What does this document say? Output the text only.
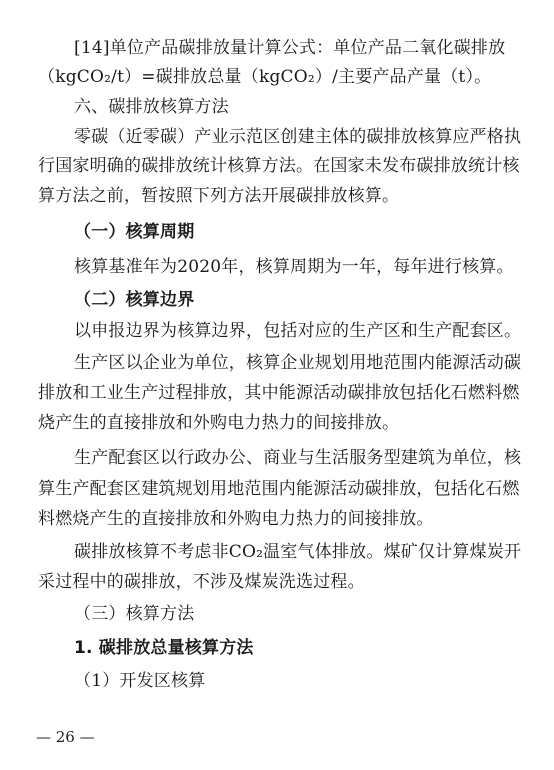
[14]单位产品碳排放量计算公式：单位产品二氧化碳排放
（kgCO₂/t）=碳排放总量（kgCO₂）/主要产品产量（t）。
六、碳排放核算方法
零碳（近零碳）产业示范区创建主体的碳排放核算应严格执
行国家明确的碳排放统计核算方法。在国家未发布碳排放统计核
算方法之前，暂按照下列方法开展碳排放核算。
（一）核算周期
核算基准年为2020年，核算周期为一年，每年进行核算。
（二）核算边界
以申报边界为核算边界，包括对应的生产区和生产配套区。
生产区以企业为单位，核算企业规划用地范围内能源活动碳
排放和工业生产过程排放，其中能源活动碳排放包括化石燃料燃
烧产生的直接排放和外购电力热力的间接排放。
生产配套区以行政办公、商业与生活服务型建筑为单位，核
算生产配套区建筑规划用地范围内能源活动碳排放，包括化石燃
料燃烧产生的直接排放和外购电力热力的间接排放。
碳排放核算不考虑非CO₂温室气体排放。煤矿仅计算煤炭开
采过程中的碳排放，不涉及煤炭洗选过程。
（三）核算方法
1. 碳排放总量核算方法
（1）开发区核算
— 26 —
